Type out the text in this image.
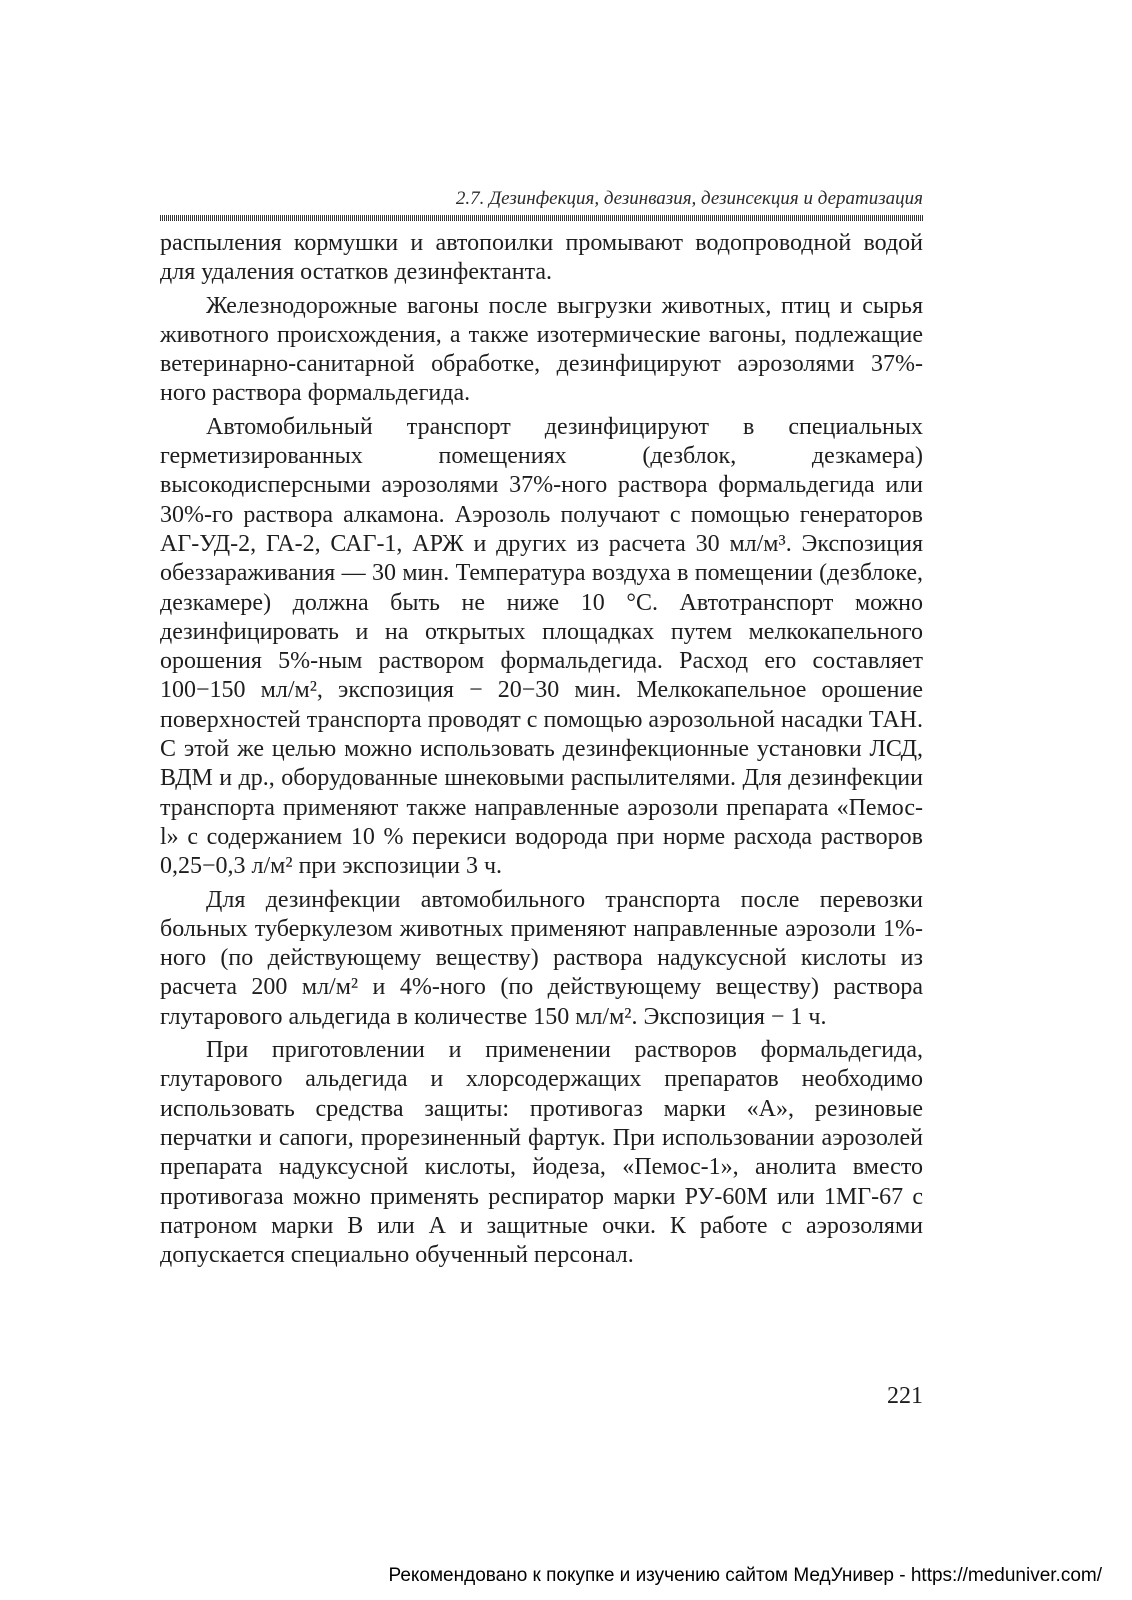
2.7. Дезинфекция, дезинвазия, дезинсекция и дератизация

распыления кормушки и автопоилки промывают водопроводной водой для удаления остатков дезинфектанта.

Железнодорожные вагоны после выгрузки животных, птиц и сырья животного происхождения, а также изотермические вагоны, подлежащие ветеринарно-санитарной обработке, дезинфицируют аэрозолями 37%-ного раствора формальдегида.

Автомобильный транспорт дезинфицируют в специальных герметизированных помещениях (дезблок, дезкамера) высокодисперсными аэрозолями 37%-ного раствора формальдегида или 30%-го раствора алкамона. Аэрозоль получают с помощью генераторов АГ-УД-2, ГА-2, САГ-1, АРЖ и других из расчета 30 мл/м³. Экспозиция обеззараживания — 30 мин. Температура воздуха в помещении (дезблоке, дезкамере) должна быть не ниже 10 °С. Автотранспорт можно дезинфицировать и на открытых площадках путем мелкокапельного орошения 5%-ным раствором формальдегида. Расход его составляет 100−150 мл/м², экспозиция − 20−30 мин. Мелкокапельное орошение поверхностей транспорта проводят с помощью аэрозольной насадки ТАН. С этой же целью можно использовать дезинфекционные установки ЛСД, ВДМ и др., оборудованные шнековыми распылителями. Для дезинфекции транспорта применяют также направленные аэрозоли препарата «Пемос-l» с содержанием 10 % перекиси водорода при норме расхода растворов 0,25−0,3 л/м² при экспозиции 3 ч.

Для дезинфекции автомобильного транспорта после перевозки больных туберкулезом животных применяют направленные аэрозоли 1%-ного (по действующему веществу) раствора надуксусной кислоты из расчета 200 мл/м² и 4%-ного (по действующему веществу) раствора глутарового альдегида в количестве 150 мл/м². Экспозиция − 1 ч.

При приготовлении и применении растворов формальдегида, глутарового альдегида и хлорсодержащих препаратов необходимо использовать средства защиты: противогаз марки «А», резиновые перчатки и сапоги, прорезиненный фартук. При использовании аэрозолей препарата надуксусной кислоты, йодеза, «Пемос-1», анолита вместо противогаза можно применять респиратор марки РУ-60М или 1МГ-67 с патроном марки В или А и защитные очки. К работе с аэрозолями допускается специально обученный персонал.

221
Рекомендовано к покупке и изучению сайтом МедУнивер - https://meduniver.com/
